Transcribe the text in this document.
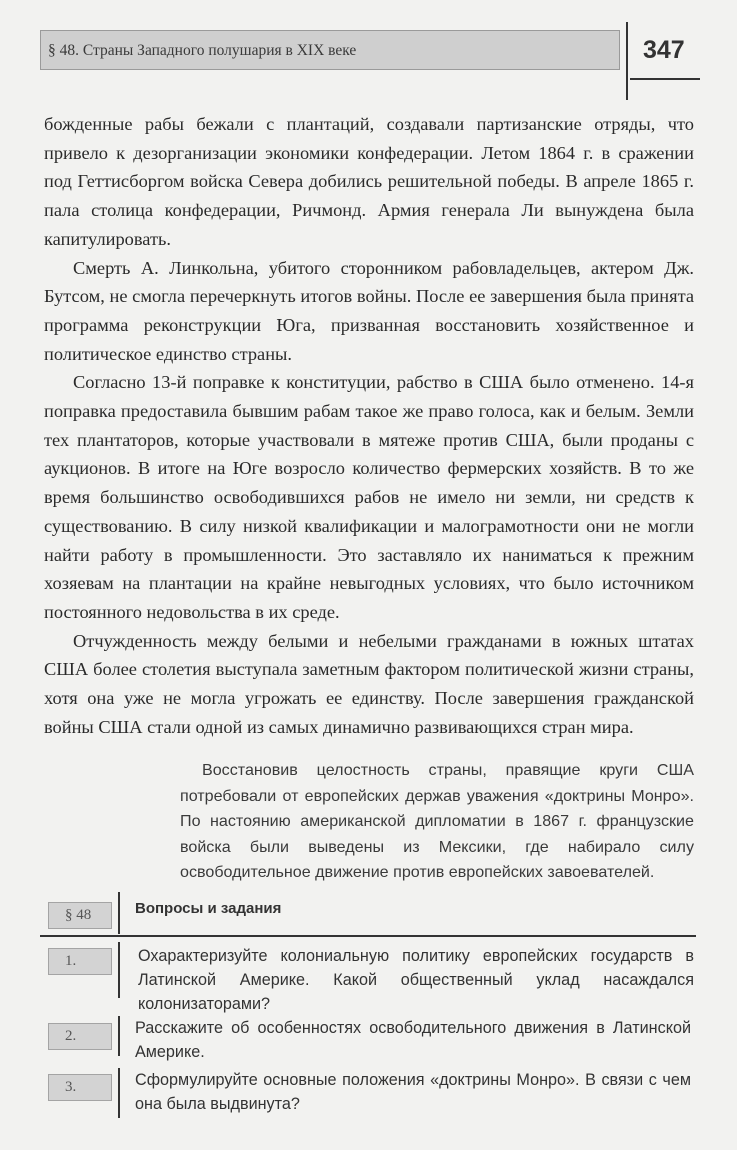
§ 48. Страны Западного полушария в XIX веке	347

божденные рабы бежали с плантаций, создавали партизанские отряды, что привело к дезорганизации экономики конфедерации. Летом 1864 г. в сражении под Геттисбоpгом войска Севера добились решительной победы. В апреле 1865 г. пала столица конфедерации, Ричмонд. Армия генерала Ли вынуждена была капитулировать.

Смерть А. Линкольна, убитого сторонником рабовладельцев, актером Дж. Бутсом, не смогла перечеркнуть итогов войны. После ее завершения была принята программа реконструкции Юга, призванная восстановить хозяйственное и политическое единство страны.

Согласно 13-й поправке к конституции, рабство в США было отменено. 14-я поправка предоставила бывшим рабам такое же право голоса, как и белым. Земли тех плантаторов, которые участвовали в мятеже против США, были проданы с аукционов. В итоге на Юге возросло количество фермерских хозяйств. В то же время большинство освободившихся рабов не имело ни земли, ни средств к существованию. В силу низкой квалификации и малограмотности они не могли найти работу в промышленности. Это заставляло их наниматься к прежним хозяевам на плантации на крайне невыгодных условиях, что было источником постоянного недовольства в их среде.

Отчужденность между белыми и небелыми гражданами в южных штатах США более столетия выступала заметным фактором политической жизни страны, хотя она уже не могла угрожать ее единству. После завершения гражданской войны США стали одной из самых динамично развивающихся стран мира.

Восстановив целостность страны, правящие круги США потребовали от европейских держав уважения «доктрины Монро». По настоянию американской дипломатии в 1867 г. французские войска были выведены из Мексики, где набирало силу освободительное движение против европейских завоевателей.

§ 48	Вопросы и задания
1.	Охарактеризуйте колониальную политику европейских государств в Латинской Америке. Какой общественный уклад насаждался колонизаторами?
2.	Расскажите об особенностях освободительного движения в Латинской Америке.
3.	Сформулируйте основные положения «доктрины Монро». В связи с чем она была выдвинута?
